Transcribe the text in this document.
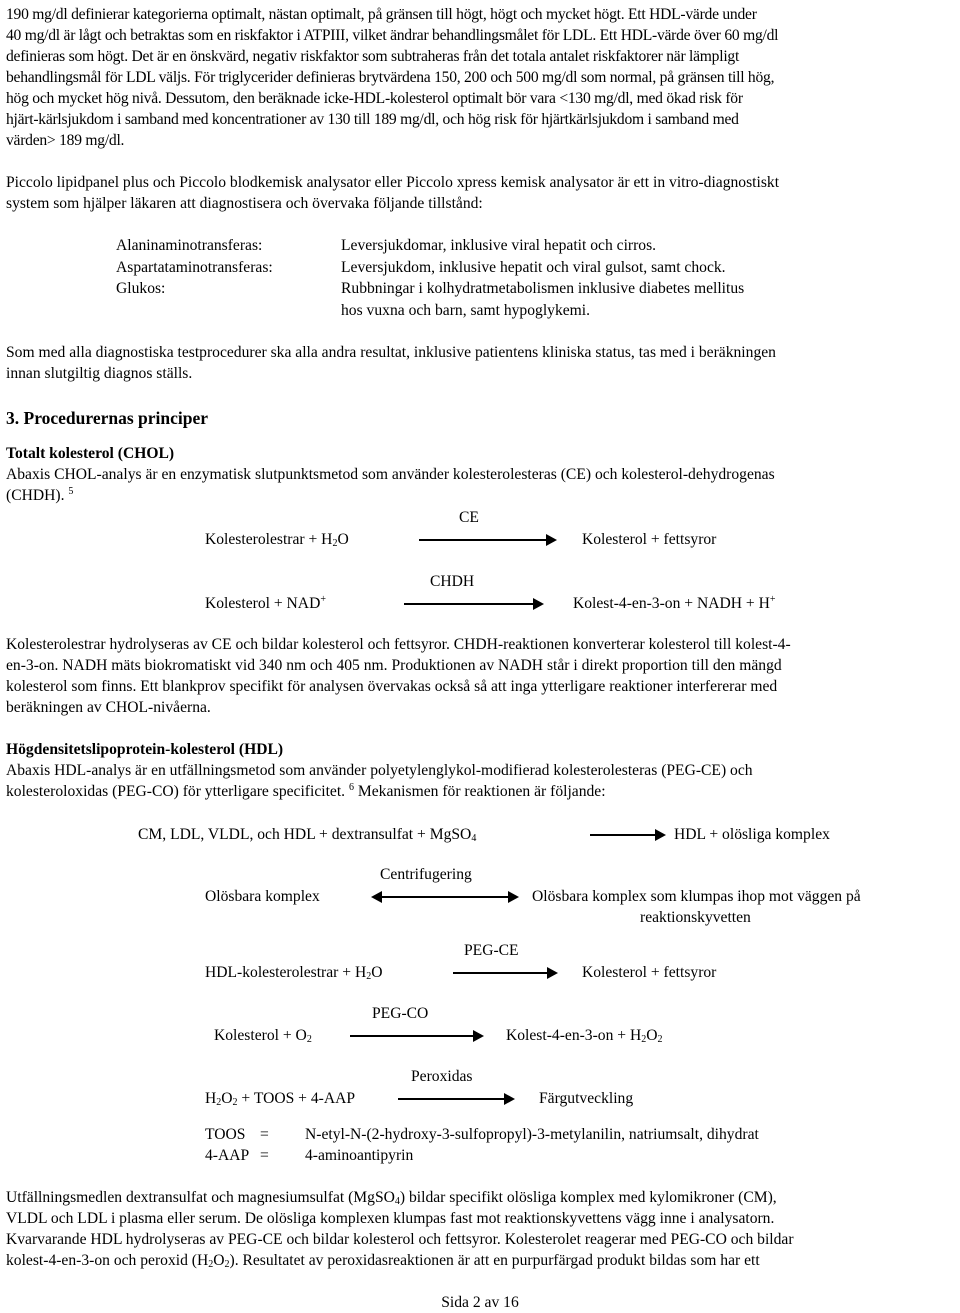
190 mg/dl definierar kategorierna optimalt, nästan optimalt, på gränsen till högt, högt och mycket högt. Ett HDL-värde under

40 mg/dl är lågt och betraktas som en riskfaktor i ATPIII, vilket ändrar behandlingsmålet för LDL. Ett HDL-värde över 60 mg/dl

definieras som högt. Det är en önskvärd, negativ riskfaktor som subtraheras från det totala antalet riskfaktorer när lämpligt

behandlingsmål för LDL väljs. För triglycerider definieras brytvärdena 150, 200 och 500 mg/dl som normal, på gränsen till hög,

hög och mycket hög nivå. Dessutom, den beräknade icke-HDL-kolesterol optimalt bör vara <130 mg/dl, med ökad risk för

hjärt-kärlsjukdom i samband med koncentrationer av 130 till 189 mg/dl, och hög risk för hjärtkärlsjukdom i samband med

värden> 189 mg/dl.

Piccolo lipidpanel plus och Piccolo blodkemisk analysator eller Piccolo xpress kemisk analysator är ett in vitro-diagnostiskt

system som hjälper läkaren att diagnostisera och övervaka följande tillstånd:

Alaninaminotransferas:	Leversjukdomar, inklusive viral hepatit och cirros.
Aspartataminotransferas:	Leversjukdom, inklusive hepatit och viral gulsot, samt chock.
Glukos:	Rubbningar i kolhydratmetabolismen inklusive diabetes mellitus
hos vuxna och barn, samt hypoglykemi.

Som med alla diagnostiska testprocedurer ska alla andra resultat, inklusive patientens kliniska status, tas med i beräkningen

innan slutgiltig diagnos ställs.

3. Procedurernas principer

Totalt kolesterol (CHOL)

Abaxis CHOL-analys är en enzymatisk slutpunktsmetod som använder kolesterolesteras (CE) och kolesterol-dehydrogenas

(CHDH). $^5$

CE
Kolesterolestrar + $H_2O$	Kolesterol + fettsyror
CHDH
Kolesterol + NAD+	Kolest-4-en-3-on + NADH + H+

Kolesterolestrar hydrolyseras av CE och bildar kolesterol och fettsyror. CHDH-reaktionen konverterar kolesterol till kolest-4-

en-3-on. NADH mäts biokromatiskt vid 340 nm och 405 nm. Produktionen av NADH står i direkt proportion till den mängd

kolesterol som finns. Ett blankprov specifikt för analysen övervakas också så att inga ytterligare reaktioner interfererar med

beräkningen av CHOL-nivåerna.

Högdensitetslipoprotein-kolesterol (HDL)

Abaxis HDL-analys är en utfällningsmetod som använder polyetylenglykol-modifierad kolesterolesteras (PEG-CE) och

kolesteroloxidas (PEG-CO) för ytterligare specificitet. $^6$ Mekanismen för reaktionen är följande:

CM, LDL, VLDL, och HDL + dextransulfat + MgSO$_4$	HDL + olösliga komplex
Centrifugering
Olösbara komplex	Olösbara komplex som klumpas ihop mot väggen på
reaktionskyvetten
PEG-CE
HDL-kolesterolestrar + $H_2O$	Kolesterol + fettsyror
PEG-CO
Kolesterol + $O_2$	Kolest-4-en-3-on + $H_2O_2$
Peroxidas
$H_2O_2$ + TOOS + 4-AAP	Färgutveckling
TOOS =	N-etyl-N-(2-hydroxy-3-sulfopropyl)-3-metylanilin, natriumsalt, dihydrat
4-AAP =	4-aminoantipyrin

Utfällningsmedlen dextransulfat och magnesiumsulfat (MgSO$_4$) bildar specifikt olösliga komplex med kylomikroner (CM),

VLDL och LDL i plasma eller serum. De olösliga komplexen klumpas fast mot reaktionskyvettens vägg inne i analysatorn.

Kvarvarande HDL hydrolyseras av PEG-CE och bildar kolesterol och fettsyror. Kolesterolet reagerar med PEG-CO och bildar

kolest-4-en-3-on och peroxid $(H_2O_2)$. Resultatet av peroxidasreaktionen är att en purpurfärgad produkt bildas som har ett

Sida 2 av 16
